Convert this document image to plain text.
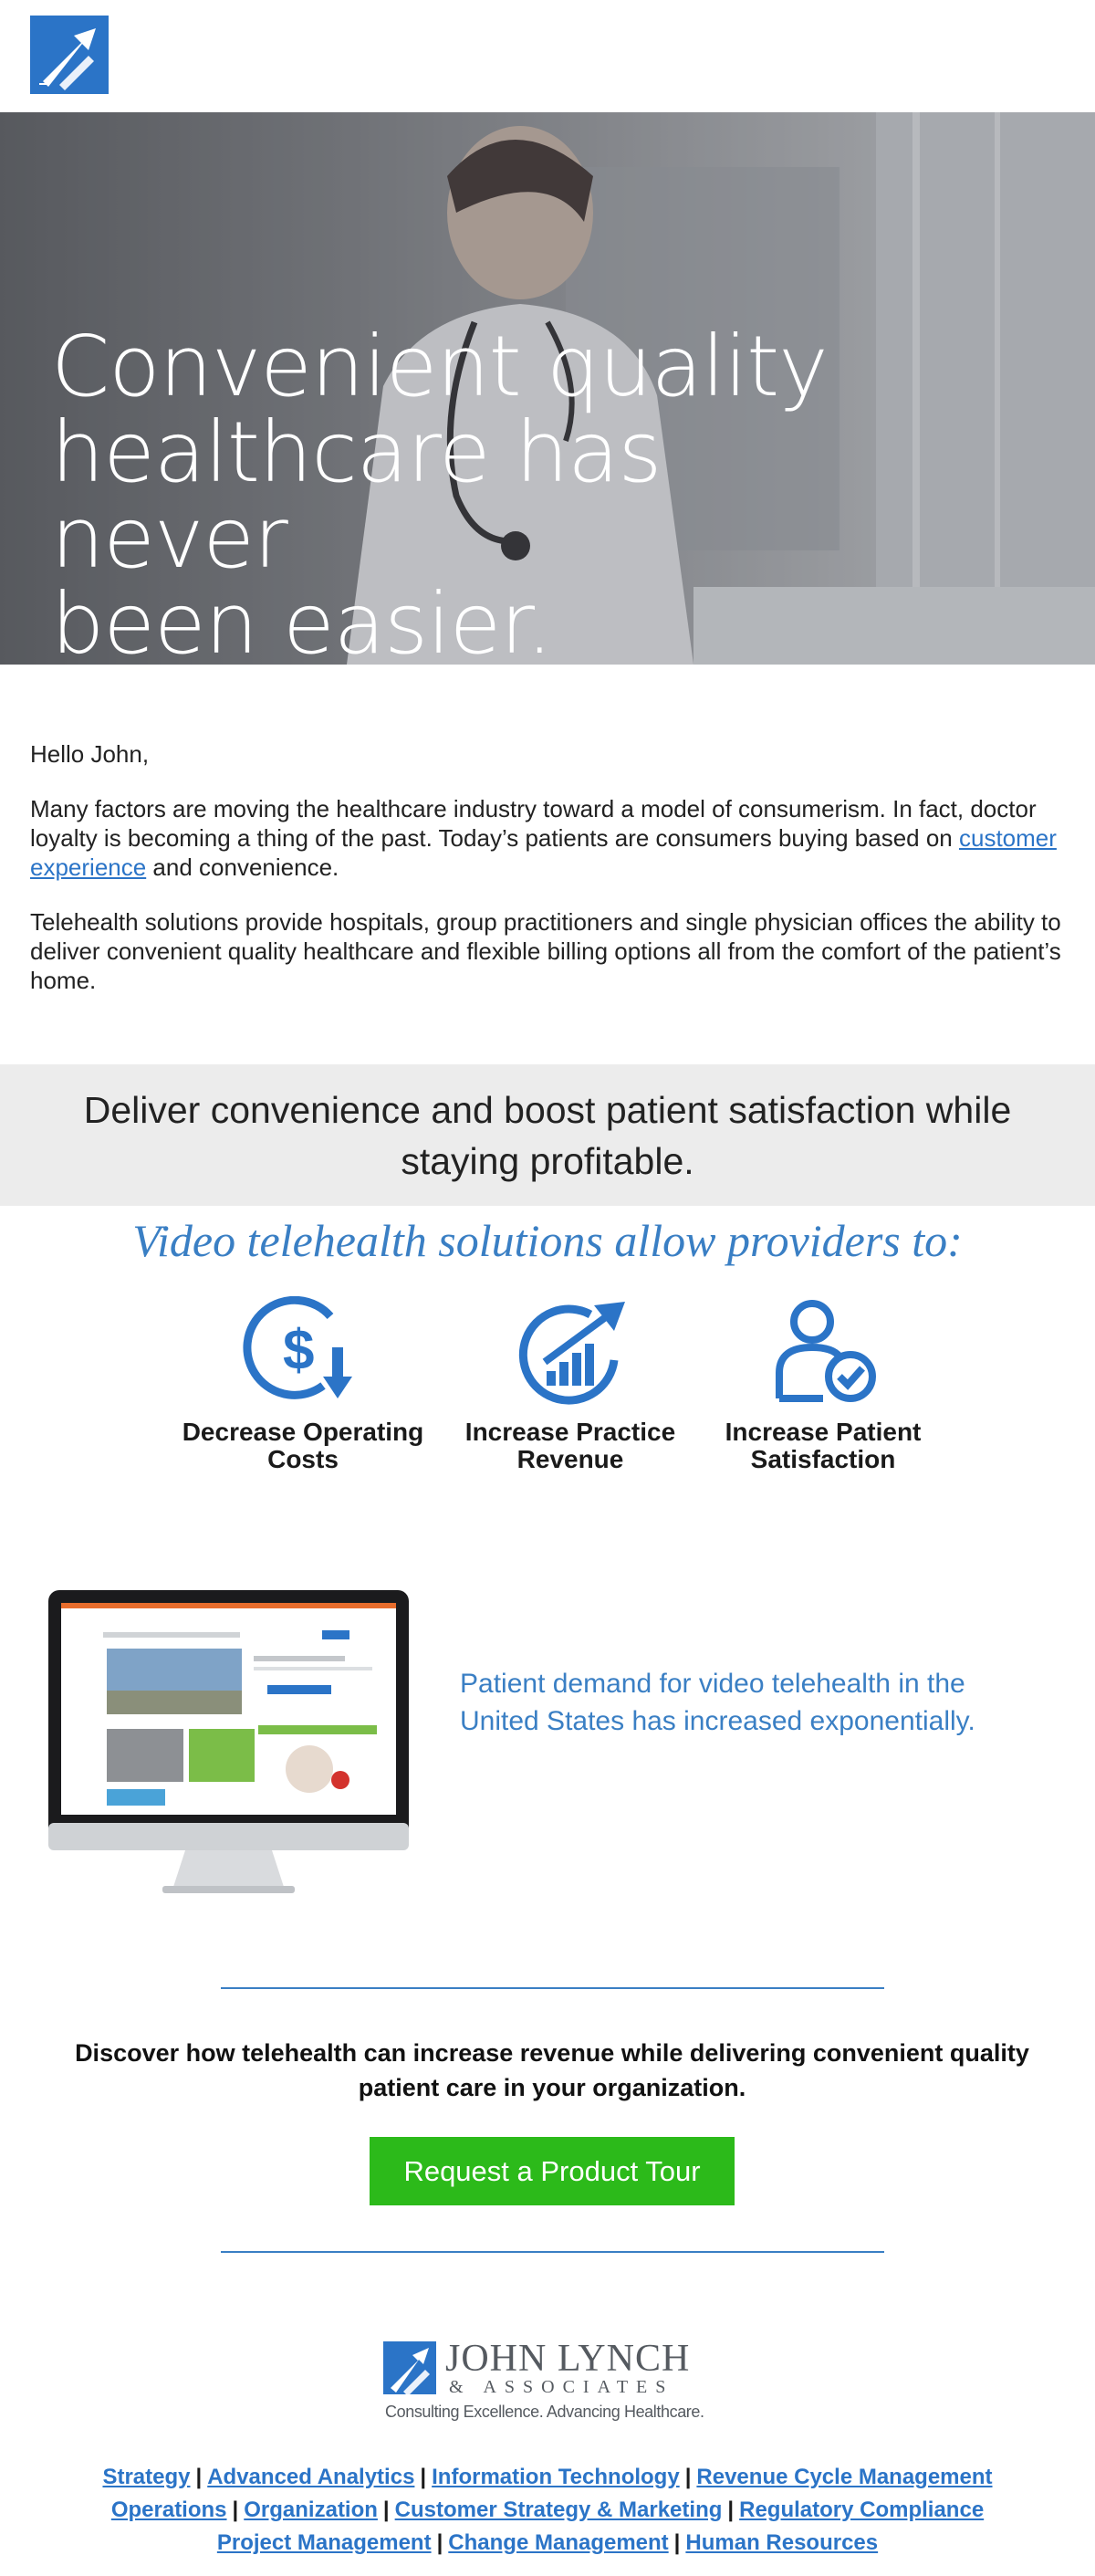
Convenient quality
healthcare has never
been easier.

Hello John,

Many factors are moving the healthcare industry toward a model of consumerism. In fact, doctor loyalty is becoming a thing of the past. Today’s patients are consumers buying based on customer experience and convenience.

Telehealth solutions provide hospitals, group practitioners and single physician offices the ability to deliver convenient quality healthcare and flexible billing options all from the comfort of the patient’s home.

Deliver convenience and boost patient satisfaction while staying profitable.
Video telehealth solutions allow providers to:
$
Decrease Operating
Costs
Increase Practice
Revenue
Increase Patient
Satisfaction
Patient demand for video telehealth in the United States has increased exponentially.
Discover how telehealth can increase revenue while delivering convenient quality patient care in your organization.
Request a Product Tour
JOHN LYNCH
& ASSOCIATES
Consulting Excellence. Advancing Healthcare.
Strategy | Advanced Analytics | Information Technology | Revenue Cycle Management
Operations | Organization | Customer Strategy & Marketing | Regulatory Compliance
Project Management | Change Management | Human Resources
